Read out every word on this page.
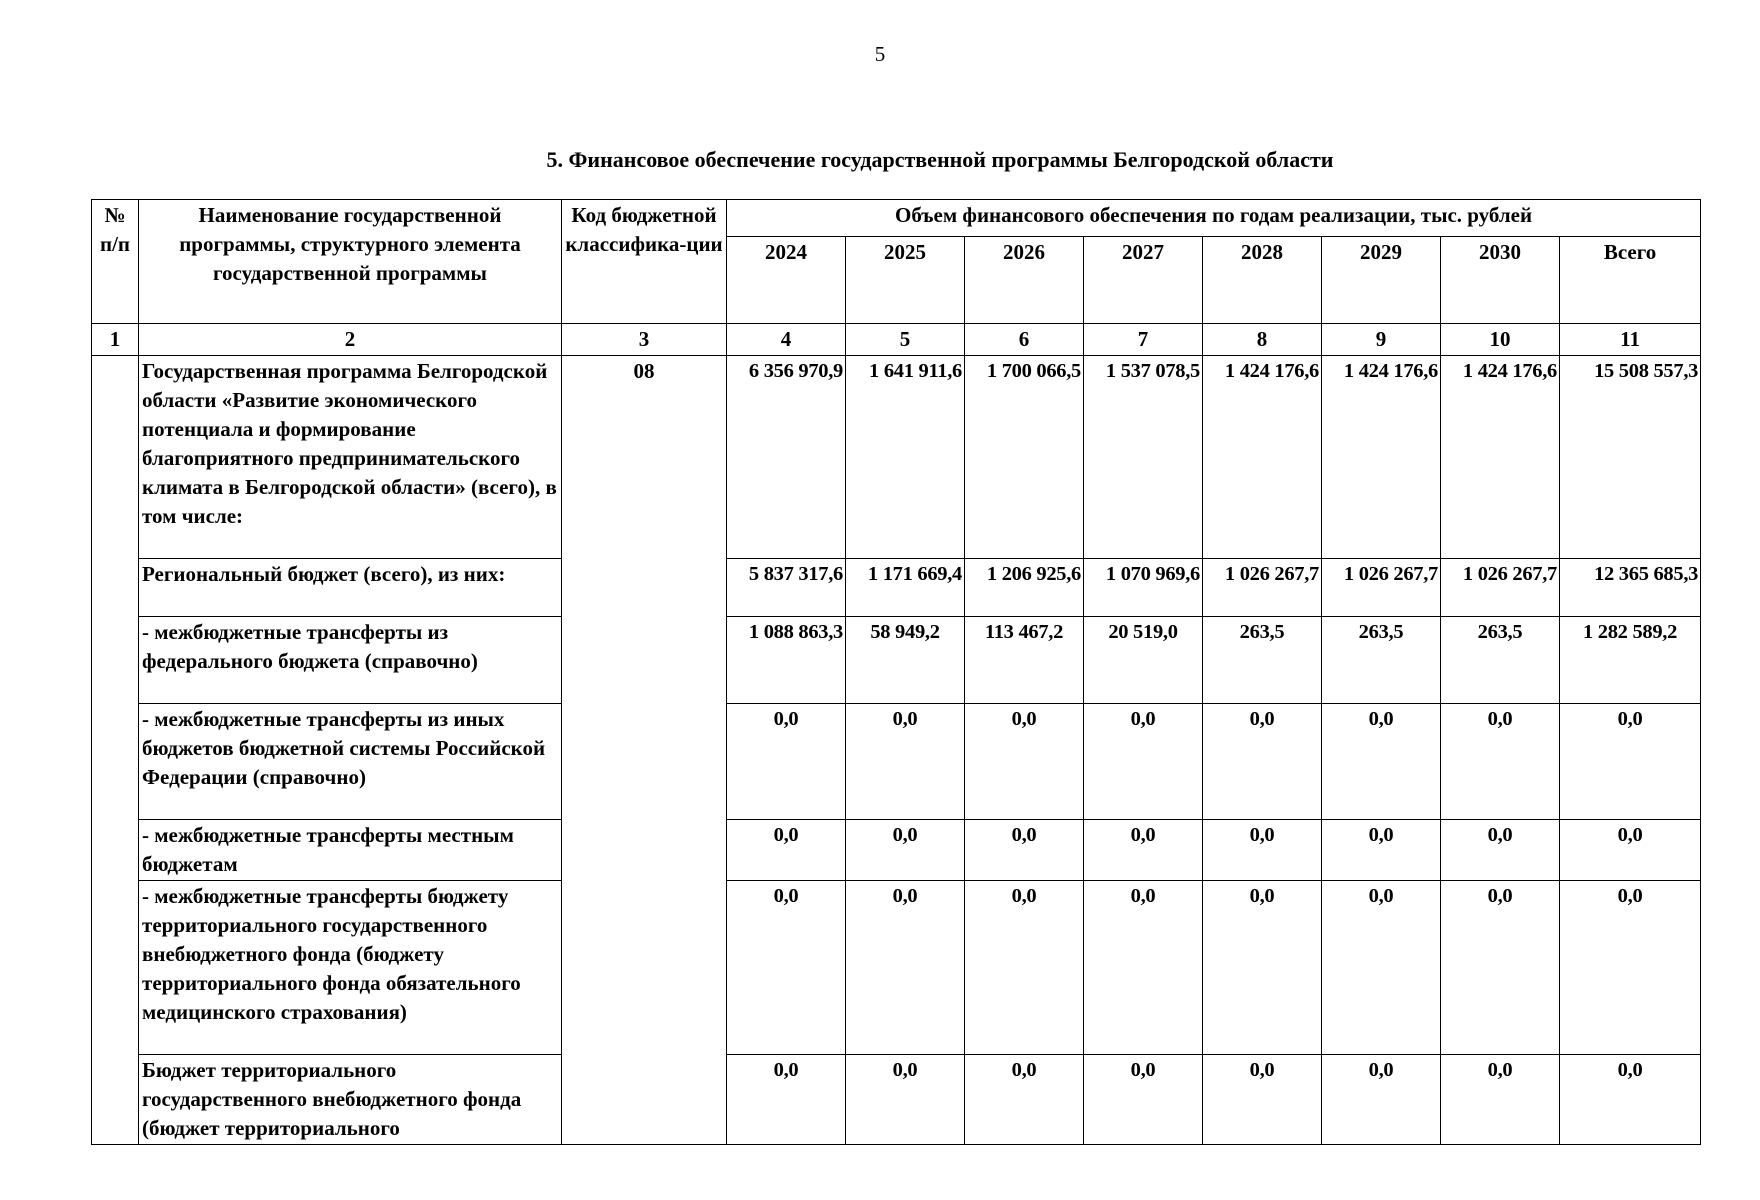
5
5. Финансовое обеспечение государственной программы Белгородской области
№ п/п	Наименование государственной программы, структурного элемента государственной программы	Код бюджетной классифика-ции	Объем финансового обеспечения по годам реализации, тыс. рублей							
			2024	2025	2026	2027	2028	2029	2030	Всего
1	2	3	4	5	6	7	8	9	10	11
	Государственная программа Белгородской области «Развитие экономического потенциала и формирование благоприятного предпринимательского климата в Белгородской области» (всего), в том числе:	08	6 356 970,9	1 641 911,6	1 700 066,5	1 537 078,5	1 424 176,6	1 424 176,6	1 424 176,6	15 508 557,3
	Региональный бюджет (всего), из них:		5 837 317,6	1 171 669,4	1 206 925,6	1 070 969,6	1 026 267,7	1 026 267,7	1 026 267,7	12 365 685,3
	- межбюджетные трансферты из федерального бюджета (справочно)		1 088 863,3	58 949,2	113 467,2	20 519,0	263,5	263,5	263,5	1 282 589,2
	- межбюджетные трансферты из иных бюджетов бюджетной системы Российской Федерации (справочно)		0,0	0,0	0,0	0,0	0,0	0,0	0,0	0,0
	- межбюджетные трансферты местным бюджетам		0,0	0,0	0,0	0,0	0,0	0,0	0,0	0,0
	- межбюджетные трансферты бюджету территориального государственного внебюджетного фонда (бюджету территориального фонда обязательного медицинского страхования)		0,0	0,0	0,0	0,0	0,0	0,0	0,0	0,0
	Бюджет территориального государственного внебюджетного фонда (бюджет территориального		0,0	0,0	0,0	0,0	0,0	0,0	0,0	0,0
